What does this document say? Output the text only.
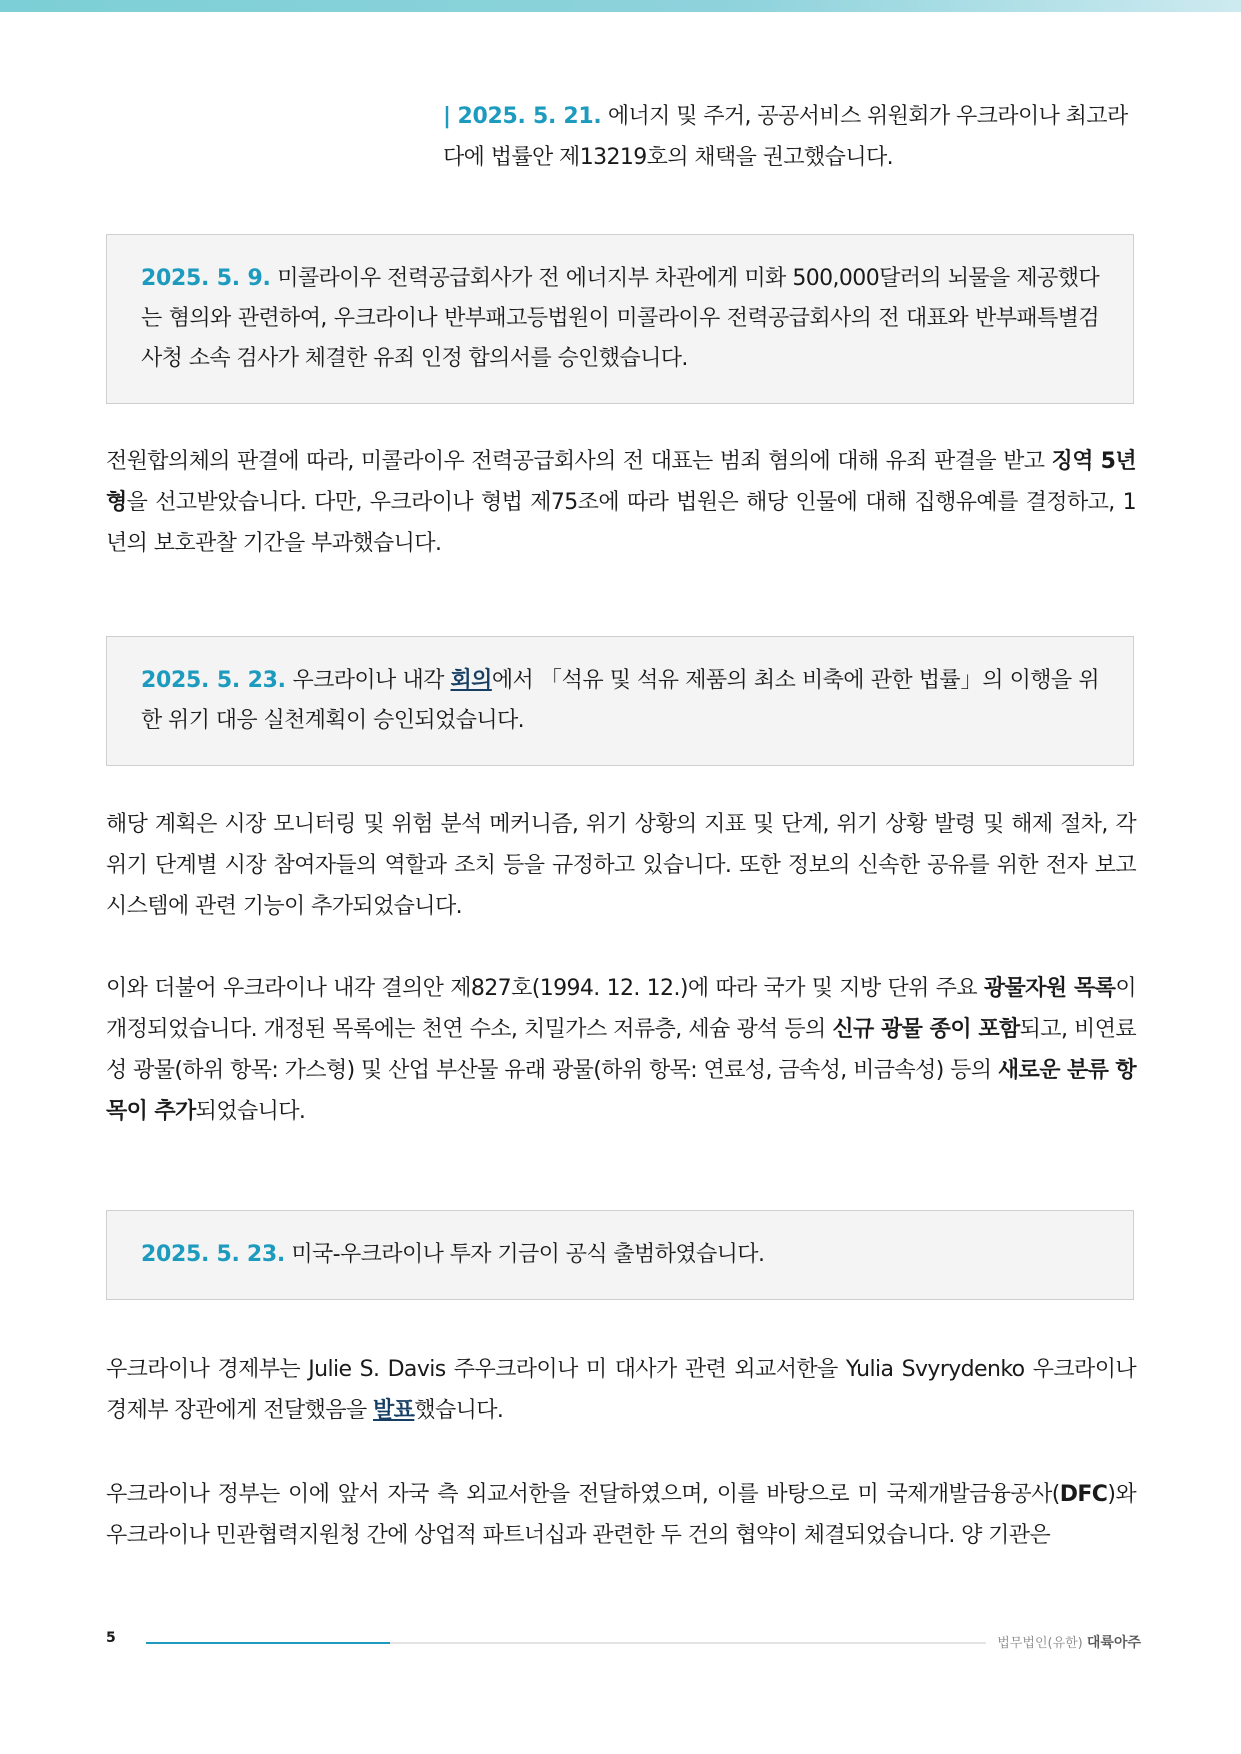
| 2025. 5. 21. 에너지 및 주거, 공공서비스 위원회가 우크라이나 최고라다에 법률안 제13219호의 채택을 권고했습니다.

2025. 5. 9. 미콜라이우 전력공급회사가 전 에너지부 차관에게 미화 500,000달러의 뇌물을 제공했다는 혐의와 관련하여, 우크라이나 반부패고등법원이 미콜라이우 전력공급회사의 전 대표와 반부패특별검사청 소속 검사가 체결한 유죄 인정 합의서를 승인했습니다.

전원합의체의 판결에 따라, 미콜라이우 전력공급회사의 전 대표는 범죄 혐의에 대해 유죄 판결을 받고 징역 5년형을 선고받았습니다. 다만, 우크라이나 형법 제75조에 따라 법원은 해당 인물에 대해 집행유예를 결정하고, 1년의 보호관찰 기간을 부과했습니다.

2025. 5. 23. 우크라이나 내각 회의에서 「석유 및 석유 제품의 최소 비축에 관한 법률」의 이행을 위한 위기 대응 실천계획이 승인되었습니다.

해당 계획은 시장 모니터링 및 위험 분석 메커니즘, 위기 상황의 지표 및 단계, 위기 상황 발령 및 해제 절차, 각 위기 단계별 시장 참여자들의 역할과 조치 등을 규정하고 있습니다. 또한 정보의 신속한 공유를 위한 전자 보고 시스템에 관련 기능이 추가되었습니다.

이와 더불어 우크라이나 내각 결의안 제827호(1994. 12. 12.)에 따라 국가 및 지방 단위 주요 광물자원 목록이 개정되었습니다. 개정된 목록에는 천연 수소, 치밀가스 저류층, 세슘 광석 등의 신규 광물 종이 포함되고, 비연료성 광물(하위 항목: 가스형) 및 산업 부산물 유래 광물(하위 항목: 연료성, 금속성, 비금속성) 등의 새로운 분류 항목이 추가되었습니다.

2025. 5. 23. 미국-우크라이나 투자 기금이 공식 출범하였습니다.

우크라이나 경제부는 Julie S. Davis 주우크라이나 미 대사가 관련 외교서한을 Yulia Svyrydenko 우크라이나 경제부 장관에게 전달했음을 발표했습니다.

우크라이나 정부는 이에 앞서 자국 측 외교서한을 전달하였으며, 이를 바탕으로 미 국제개발금융공사(DFC)와 우크라이나 민관협력지원청 간에 상업적 파트너십과 관련한 두 건의 협약이 체결되었습니다. 양 기관은

5	법무법인(유한) 대륙아주
